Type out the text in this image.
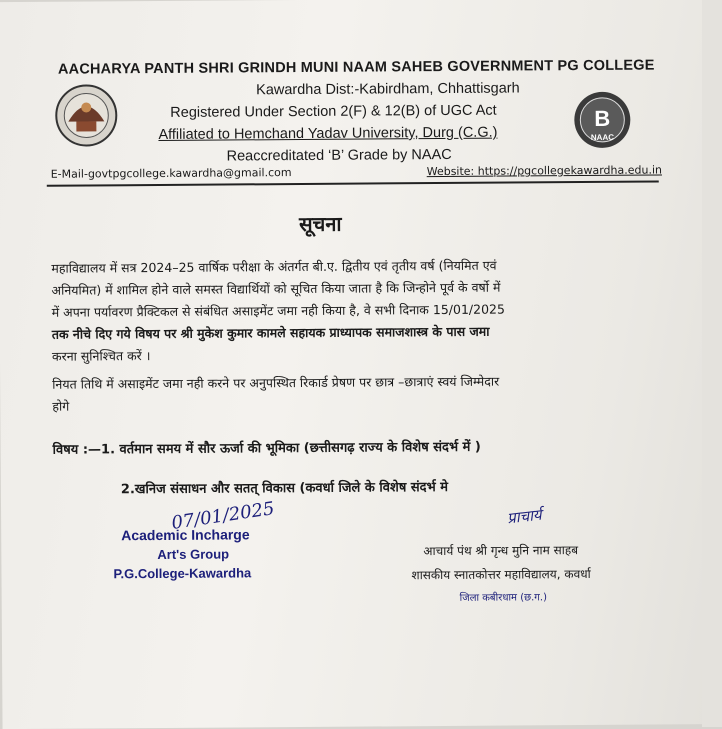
AACHARYA PANTH SHRI GRINDH MUNI NAAM SAHEB GOVERNMENT PG COLLEGE
Kawardha Dist:-Kabirdham, Chhattisgarh
Registered Under Section 2(F) & 12(B) of UGC Act
Affiliated to Hemchand Yadav University, Durg (C.G.)
Reaccreditated ‘B’ Grade by NAAC
B
NAAC
E-Mail-govtpgcollege.kawardha@gmail.com	Website: https://pgcollegekawardha.edu.in
सूचना
महाविद्यालय में सत्र 2024–25 वार्षिक परीक्षा के अंतर्गत बी.ए. द्वितीय एवं तृतीय वर्ष (नियमित एवं
अनियमित) में शामिल होने वाले समस्त विद्यार्थियों को सूचित किया जाता है कि जिन्होने पूर्व के वर्षो में
में अपना पर्यावरण प्रैक्टिकल से संबंधित असाइमेंट जमा नही किया है, वे सभी दिनाक 15/01/2025
तक नीचे दिए गये विषय पर श्री मुकेश कुमार कामले सहायक प्राध्यापक समाजशास्त्र के पास जमा
करना सुनिश्चित करें ।
नियत तिथि में असाइमेंट जमा नही करने पर अनुपस्थित रिकार्ड प्रेषण पर छात्र –छात्राएं स्वयं जिम्मेदार
होगे
विषय :—1. वर्तमान समय में सौर ऊर्जा की भूमिका (छत्तीसगढ़ राज्य के विशेष संदर्भ में )
2.खनिज संसाधन और सतत् विकास (कवर्धा जिले के विशेष संदर्भ मे
07/01/2025
Academic Incharge
Art's Group
P.G.College-Kawardha
प्राचार्य
आचार्य पंथ श्री गृन्ध मुनि नाम साहब
शासकीय स्नातकोत्तर महाविद्यालय, कवर्धा
जिला कबीरधाम (छ.ग.)
